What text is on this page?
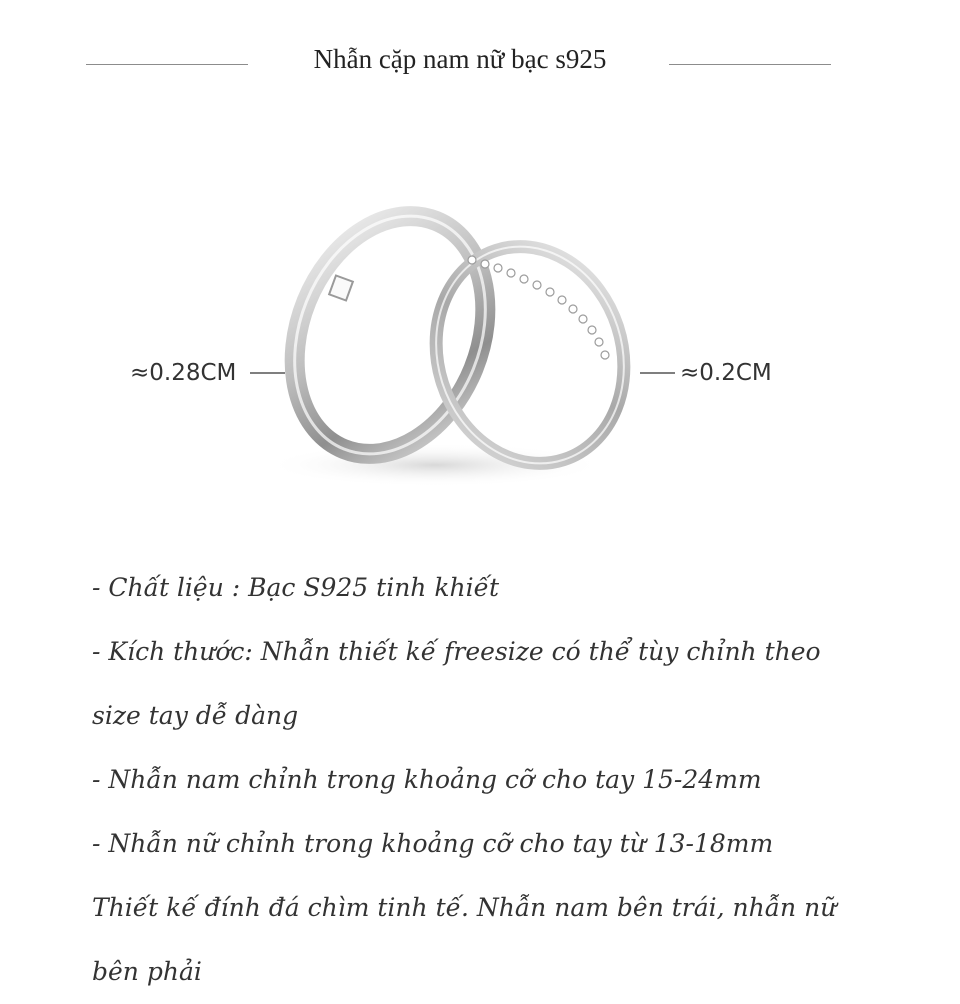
Nhẫn cặp nam nữ bạc s925
≈0.28CM	≈0.2CM

- Chất liệu : Bạc S925 tinh khiết

- Kích thước: Nhẫn thiết kế freesize có thể tùy chỉnh theo

size tay dễ dàng

- Nhẫn nam chỉnh trong khoảng cỡ cho tay 15-24mm

- Nhẫn nữ chỉnh trong khoảng cỡ cho tay từ 13-18mm

Thiết kế đính đá chìm tinh tế. Nhẫn nam bên trái, nhẫn nữ

bên phải
